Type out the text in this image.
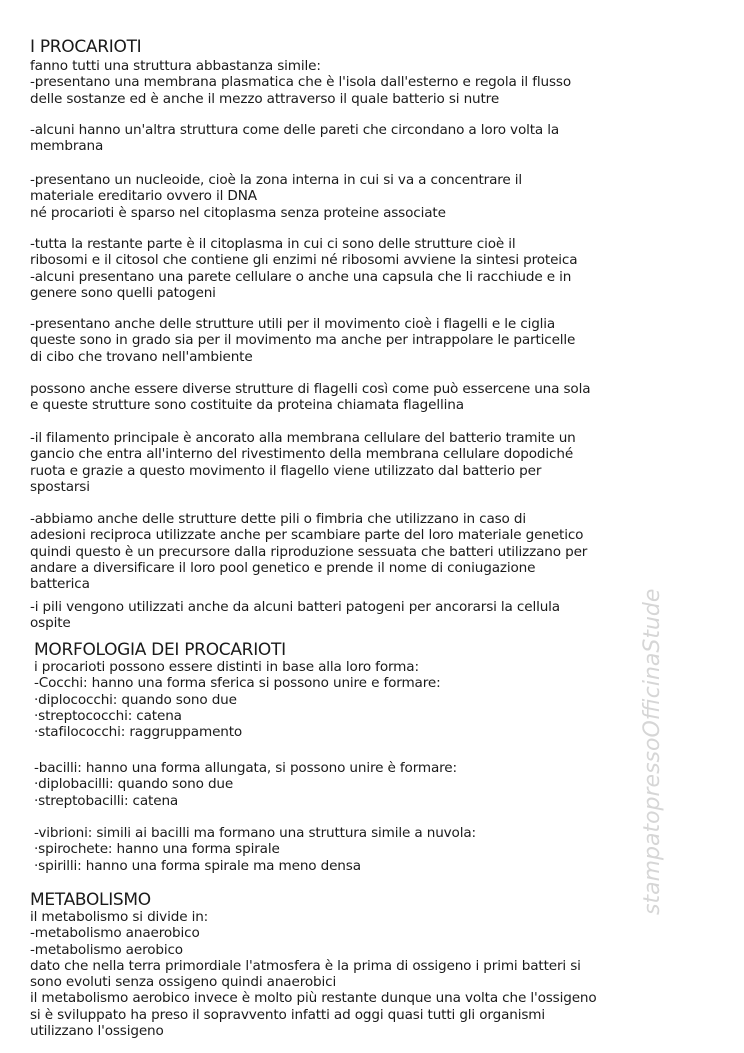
I PROCARIOTI
fanno tutti una struttura abbastanza simile:
-presentano una membrana plasmatica che è l'isola dall'esterno e regola il flusso
delle sostanze ed è anche il mezzo attraverso il quale batterio si nutre
-alcuni hanno un'altra struttura come delle pareti che circondano a loro volta la
membrana
-presentano un nucleoide, cioè la zona interna in cui si va a concentrare il
materiale ereditario ovvero il DNA
né procarioti è sparso nel citoplasma senza proteine associate
-tutta la restante parte è il citoplasma in cui ci sono delle strutture cioè il
ribosomi e il citosol che contiene gli enzimi né ribosomi avviene la sintesi proteica
-alcuni presentano una parete cellulare o anche una capsula che li racchiude e in
genere sono quelli patogeni
-presentano anche delle strutture utili per il movimento cioè i flagelli e le ciglia
queste sono in grado sia per il movimento ma anche per intrappolare le particelle
di cibo che trovano nell'ambiente
possono anche essere diverse strutture di flagelli così come può essercene una sola
e queste strutture sono costituite da proteina chiamata flagellina
-il filamento principale è ancorato alla membrana cellulare del batterio tramite un
gancio che entra all'interno del rivestimento della membrana cellulare dopodiché
ruota e grazie a questo movimento il flagello viene utilizzato dal batterio per
spostarsi
-abbiamo anche delle strutture dette pili o fimbria che utilizzano in caso di
adesioni reciproca utilizzate anche per scambiare parte del loro materiale genetico
quindi questo è un precursore dalla riproduzione sessuata che batteri utilizzano per
andare a diversificare il loro pool genetico e prende il nome di coniugazione
batterica
-i pili vengono utilizzati anche da alcuni batteri patogeni per ancorarsi la cellula
ospite
MORFOLOGIA DEI PROCARIOTI
i procarioti possono essere distinti in base alla loro forma:
-Cocchi: hanno una forma sferica si possono unire e formare:
·diplococchi: quando sono due
·streptococchi: catena
·stafilococchi: raggruppamento
-bacilli: hanno una forma allungata, si possono unire è formare:
·diplobacilli: quando sono due
·streptobacilli: catena
-vibrioni: simili ai bacilli ma formano una struttura simile a nuvola:
·spirochete: hanno una forma spirale
·spirilli: hanno una forma spirale ma meno densa
METABOLISMO
il metabolismo si divide in:
-metabolismo anaerobico
-metabolismo aerobico
dato che nella terra primordiale l'atmosfera è la prima di ossigeno i primi batteri si
sono evoluti senza ossigeno quindi anaerobici
il metabolismo aerobico invece è molto più restante dunque una volta che l'ossigeno
si è sviluppato ha preso il sopravvento infatti ad oggi quasi tutti gli organismi
utilizzano l'ossigeno
stampatopressoOfficinaStude
